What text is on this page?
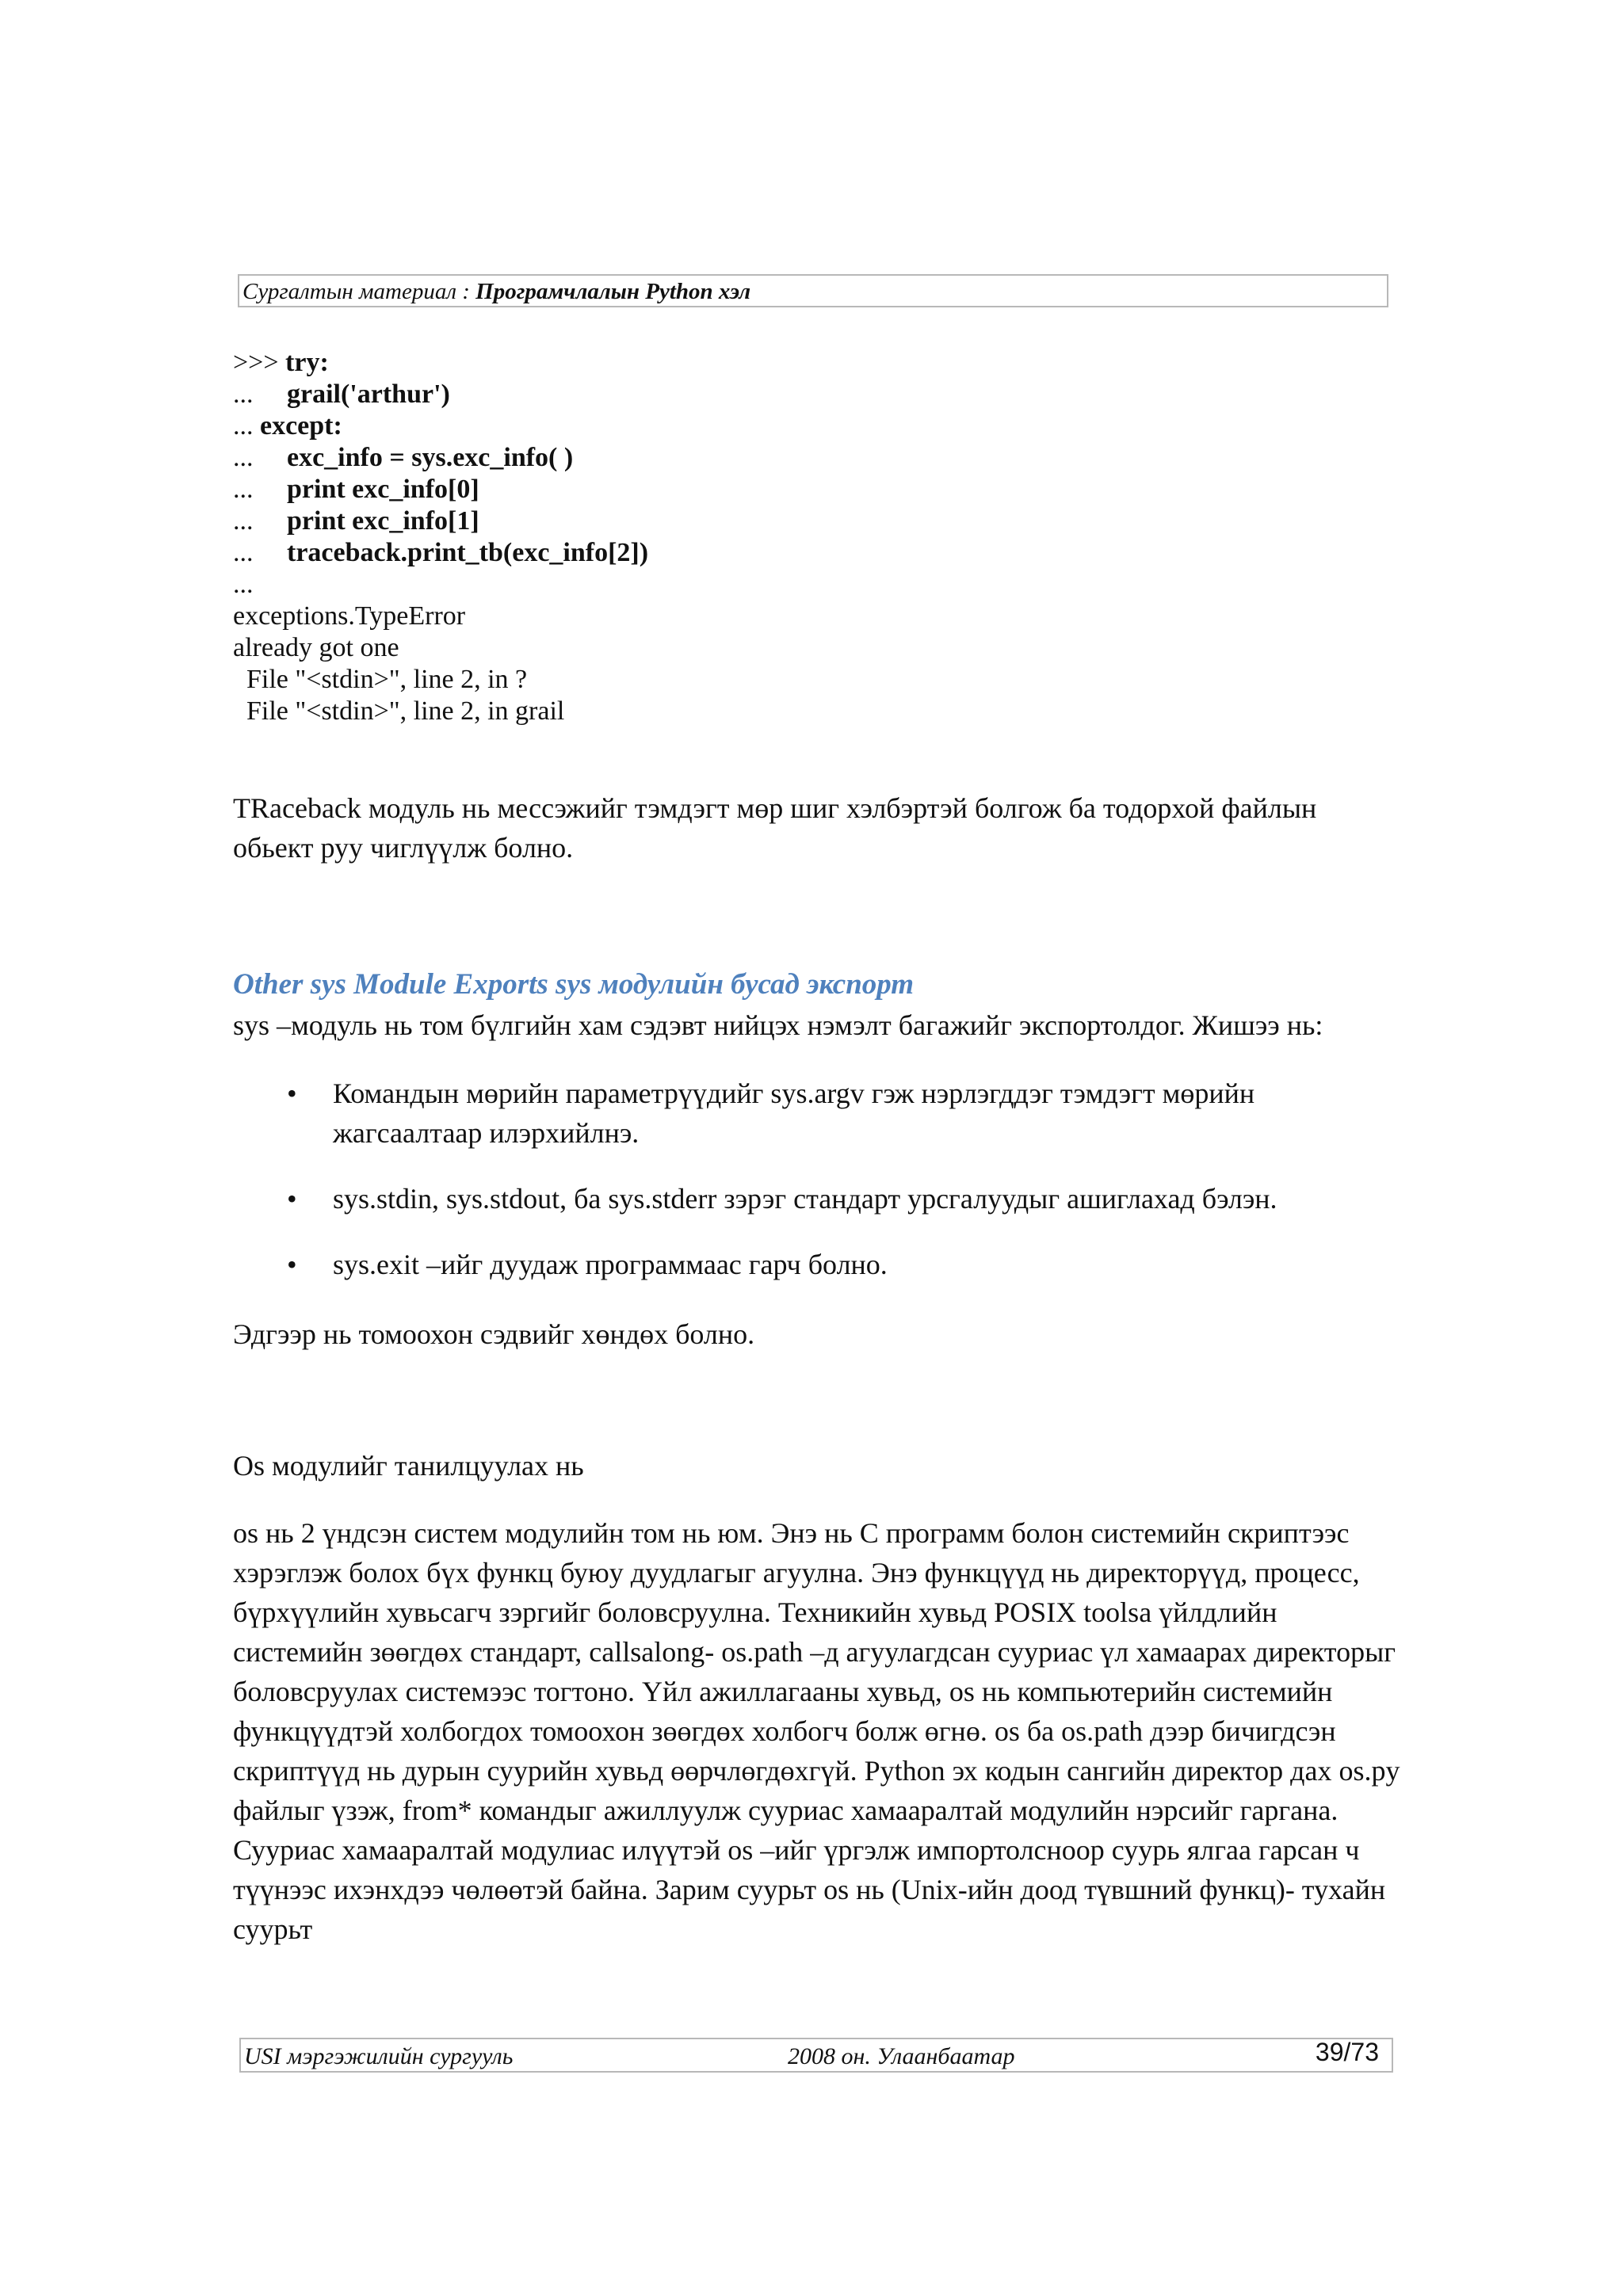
Сургалтын материал : Програмчлалын Python хэл
>>> try:
...     grail('arthur')
... except:
...     exc_info = sys.exc_info( )
...     print exc_info[0]
...     print exc_info[1]
...     traceback.print_tb(exc_info[2])
...
exceptions.TypeError
already got one
File "<stdin>", line 2, in ?
File "<stdin>", line 2, in grail
TRaceback модуль нь мессэжийг тэмдэгт мөр шиг хэлбэртэй болгож ба тодорхой файлын обьект руу чиглүүлж болно.
Other sys Module Exports sys модулийн бусад экспорт
sys –модуль нь том бүлгийн хам сэдэвт нийцэх нэмэлт багажийг экспортолдог. Жишээ нь:
• Командын мөрийн параметрүүдийг sys.argv гэж нэрлэгддэг тэмдэгт мөрийн жагсаалтаар илэрхийлнэ.
• sys.stdin, sys.stdout, ба sys.stderr зэрэг стандарт урсгалуудыг ашиглахад бэлэн.
• sys.exit –ийг дуудаж программаас гарч болно.
Эдгээр нь томоохон сэдвийг хөндөх болно.
Os модулийг танилцуулах нь
os нь 2 үндсэн систем модулийн том нь юм. Энэ нь C программ болон системийн скриптээс хэрэглэж болох бүх функц буюу дуудлагыг агуулна. Энэ функцүүд нь директорүүд, процесс, бүрхүүлийн хувьсагч зэргийг боловсруулна. Техникийн хувьд POSIX toolsa үйлдлийн системийн зөөгдөх стандарт, callsalong- os.path –д агуулагдсан сууриас үл хамаарах директорыг боловсруулах системээс тогтоно. Үйл ажиллагааны хувьд, os нь компьютерийн системийн функцүүдтэй холбогдох томоохон зөөгдөх холбогч болж өгнө. os ба os.path дээр бичигдсэн скриптүүд нь дурын суурийн хувьд өөрчлөгдөхгүй. Python эх кодын сангийн директор дах os.py файлыг үзэж, from* командыг ажиллуулж сууриас хамааралтай модулийн нэрсийг гаргана. Сууриас хамааралтай модулиас илүүтэй os –ийг үргэлж импортолсноор суурь ялгаа гарсан ч түүнээс ихэнхдээ чөлөөтэй байна. Зарим суурьт os нь (Unix-ийн доод түвшний функц)- тухайн суурьт
USI мэргэжилийн сургууль	2008 он. Улаанбаатар	39/73
